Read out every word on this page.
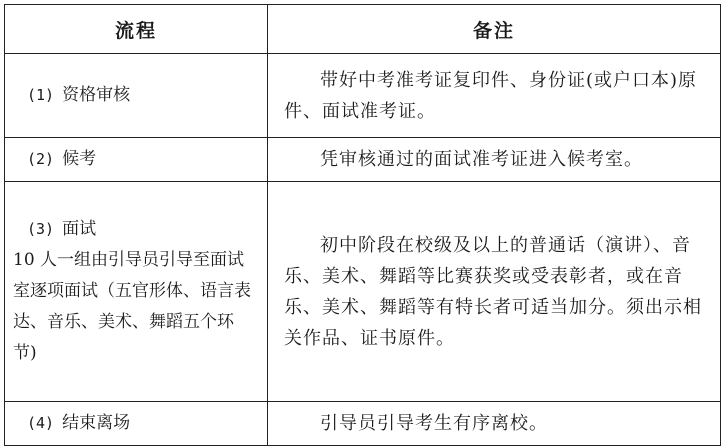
流程	备注

(1) 资格审核	带好中考准考证复印件、身份证(或户口本)原件、面试准考证。

(2) 候考	凭审核通过的面试准考证进入候考室。

(3) 面试
10 人一组由引导员引导至面试室逐项面试（五官形体、语言表达、音乐、美术、舞蹈五个环节)	初中阶段在校级及以上的普通话（演讲）、音乐、美术、舞蹈等比赛获奖或受表彰者，或在音乐、美术、舞蹈等有特长者可适当加分。须出示相关作品、证书原件。

(4) 结束离场	引导员引导考生有序离校。
